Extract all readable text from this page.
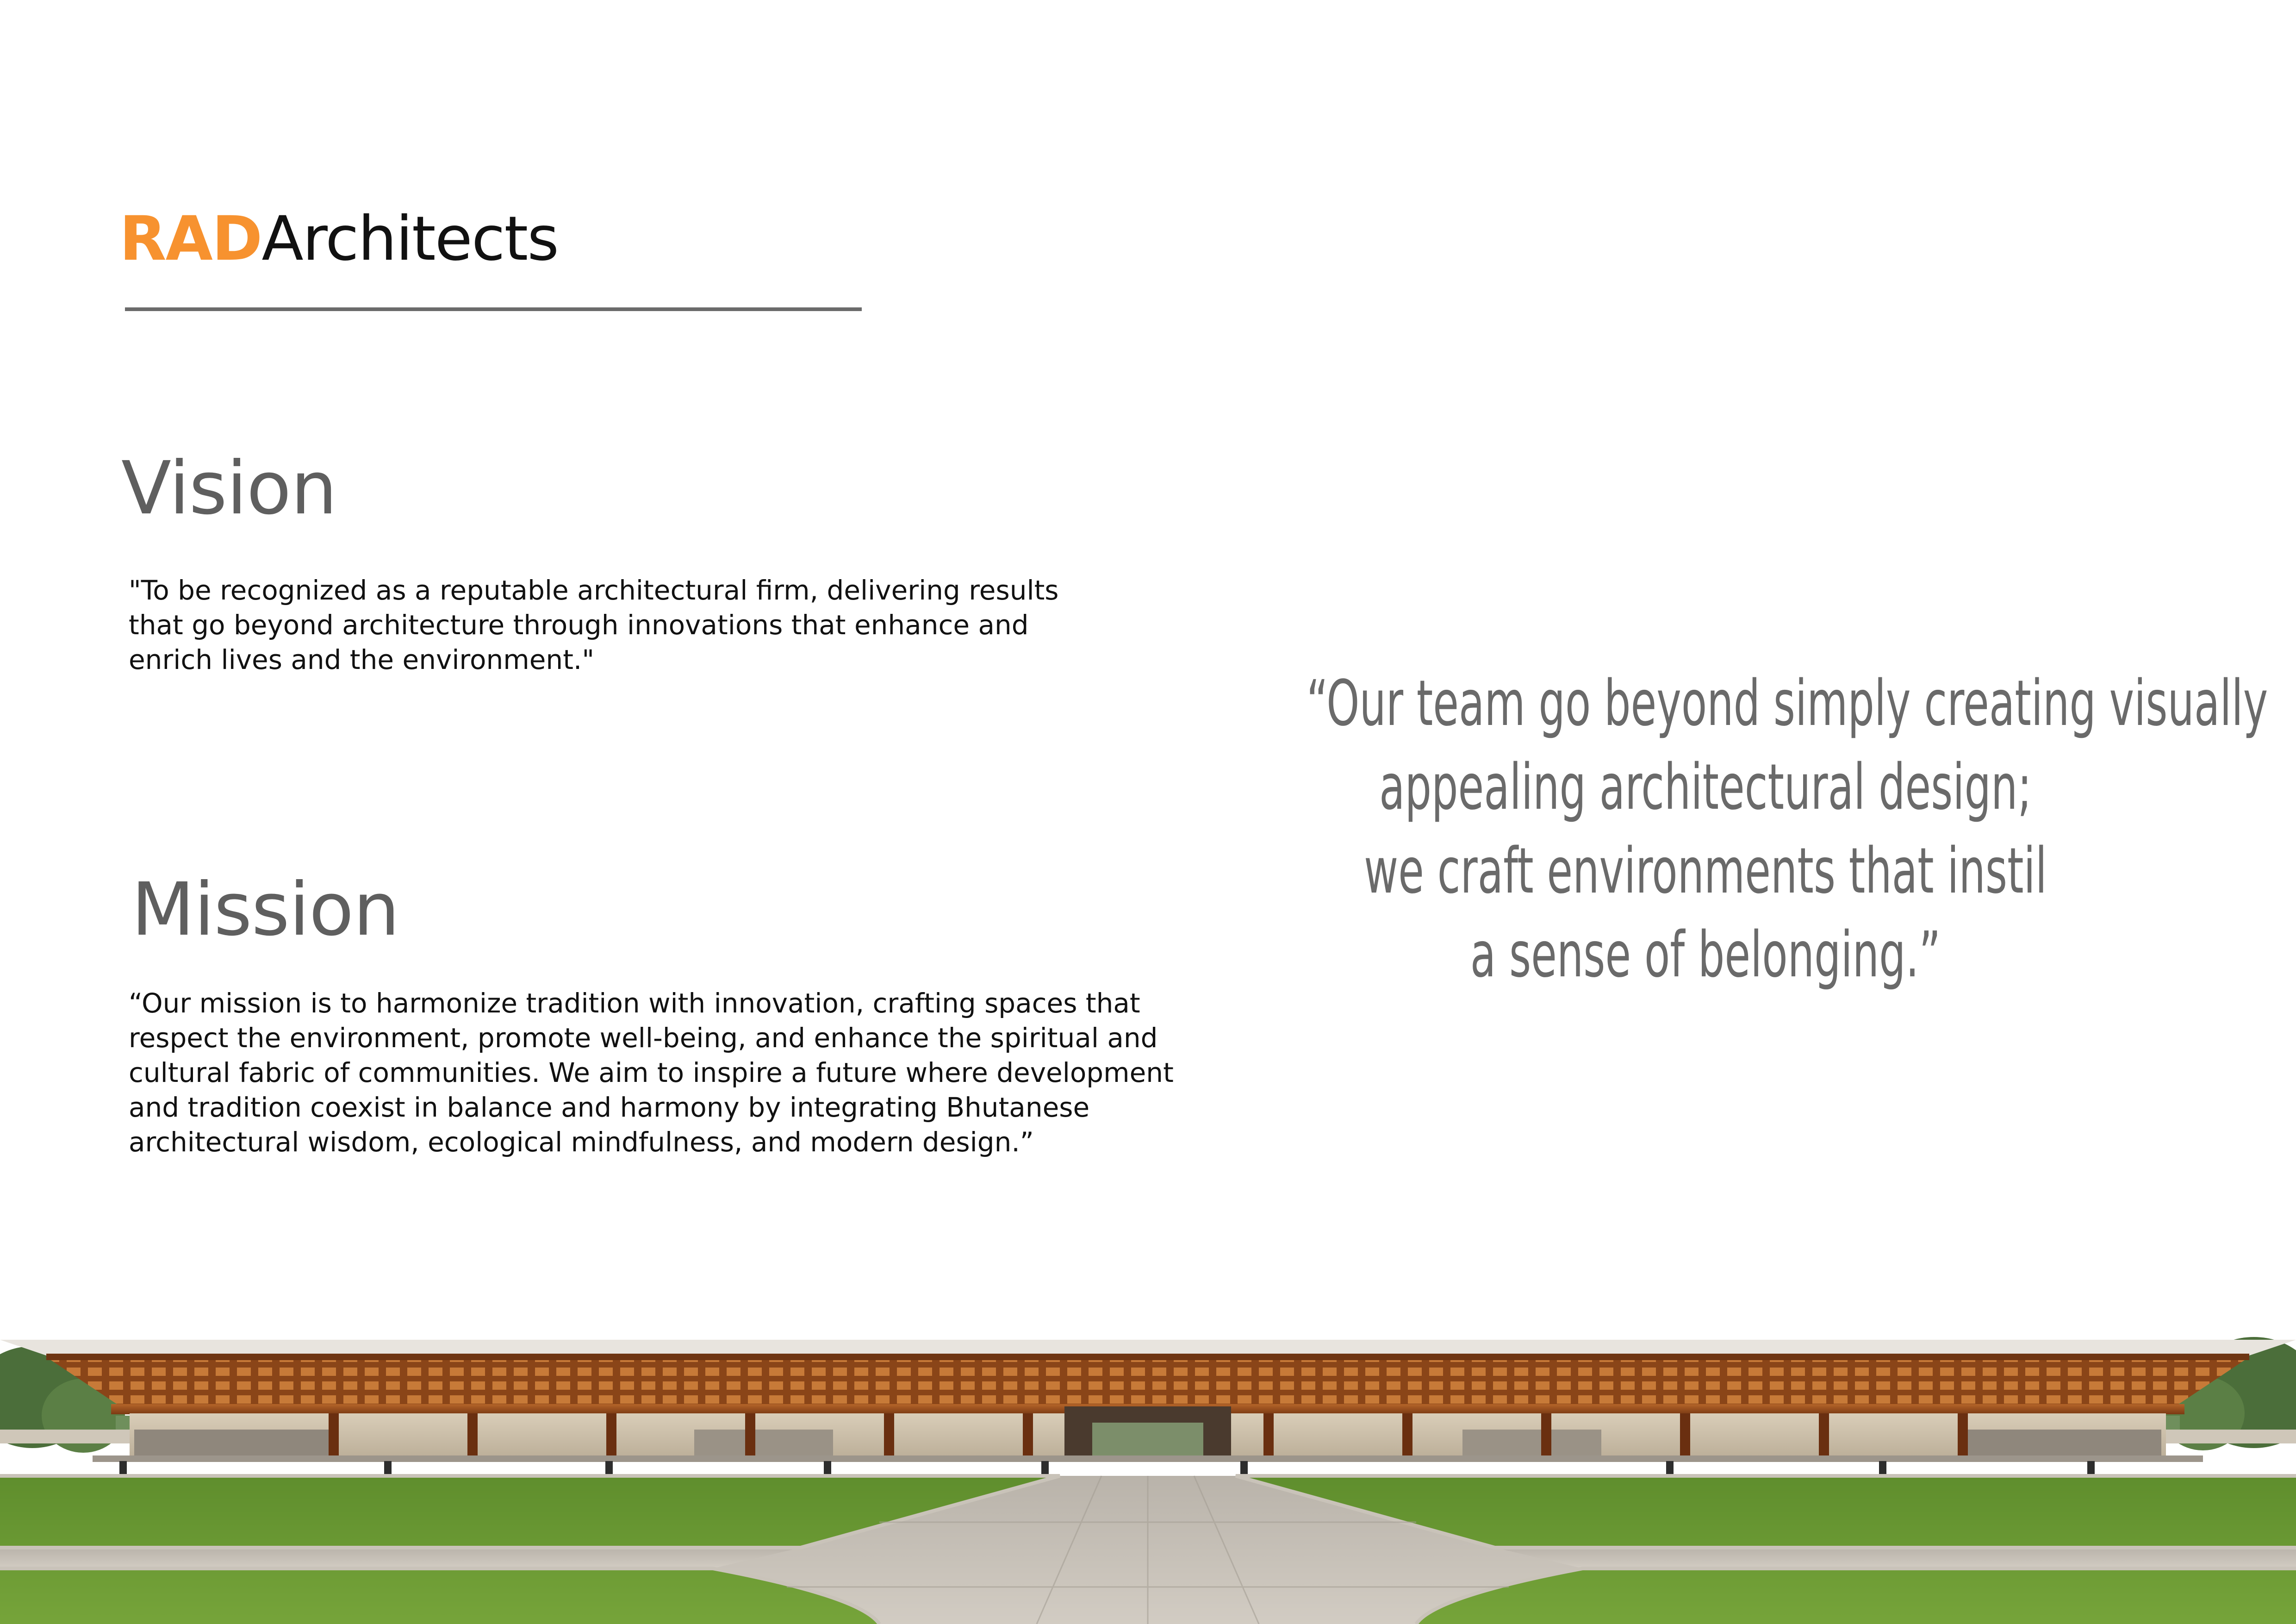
RADArchitects
Vision
"To be recognized as a reputable architectural firm, delivering results
that go beyond architecture through innovations that enhance and
enrich lives and the environment."
Mission
“Our mission is to harmonize tradition with innovation, crafting spaces that
respect the environment, promote well-being, and enhance the spiritual and
cultural fabric of communities. We aim to inspire a future where development
and tradition coexist in balance and harmony by integrating Bhutanese
architectural wisdom, ecological mindfulness, and modern design.”
“Our team go beyond simply creating visually
appealing architectural design;
we craft environments that instil
a sense of belonging.”
